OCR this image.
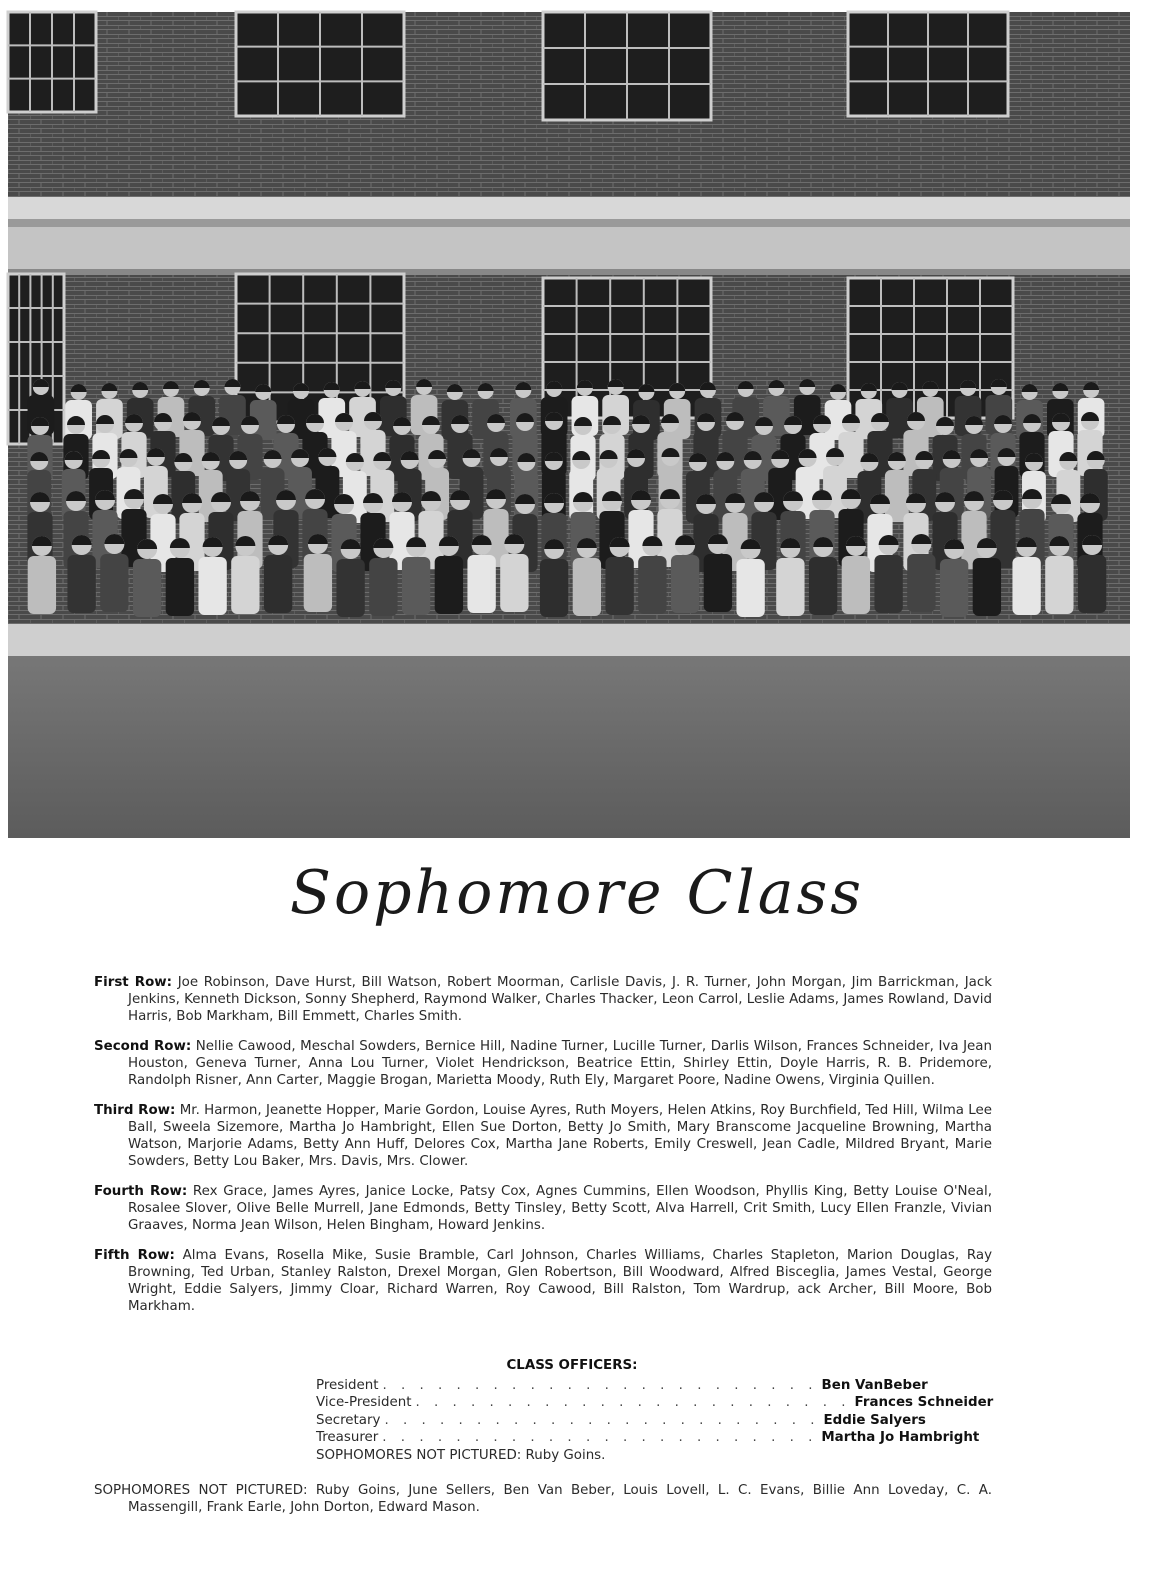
Sophomore Class
First Row: Joe Robinson, Dave Hurst, Bill Watson, Robert Moorman, Carlisle Davis, J. R. Turner, John Morgan, Jim Barrickman, Jack Jenkins, Kenneth Dickson, Sonny Shepherd, Raymond Walker, Charles Thacker, Leon Carrol, Leslie Adams, James Rowland, David Harris, Bob Markham, Bill Emmett, Charles Smith.
Second Row: Nellie Cawood, Meschal Sowders, Bernice Hill, Nadine Turner, Lucille Turner, Darlis Wilson, Frances Schneider, Iva Jean Houston, Geneva Turner, Anna Lou Turner, Violet Hendrickson, Beatrice Ettin, Shirley Ettin, Doyle Harris, R. B. Pridemore, Randolph Risner, Ann Carter, Maggie Brogan, Marietta Moody, Ruth Ely, Margaret Poore, Nadine Owens, Virginia Quillen.
Third Row: Mr. Harmon, Jeanette Hopper, Marie Gordon, Louise Ayres, Ruth Moyers, Helen Atkins, Roy Burchfield, Ted Hill, Wilma Lee Ball, Sweela Sizemore, Martha Jo Hambright, Ellen Sue Dorton, Betty Jo Smith, Mary Branscome Jacqueline Browning, Martha Watson, Marjorie Adams, Betty Ann Huff, Delores Cox, Martha Jane Roberts, Emily Creswell, Jean Cadle, Mildred Bryant, Marie Sowders, Betty Lou Baker, Mrs. Davis, Mrs. Clower.
Fourth Row: Rex Grace, James Ayres, Janice Locke, Patsy Cox, Agnes Cummins, Ellen Woodson, Phyllis King, Betty Louise O'Neal, Rosalee Slover, Olive Belle Murrell, Jane Edmonds, Betty Tinsley, Betty Scott, Alva Harrell, Crit Smith, Lucy Ellen Franzle, Vivian Graaves, Norma Jean Wilson, Helen Bingham, Howard Jenkins.
Fifth Row: Alma Evans, Rosella Mike, Susie Bramble, Carl Johnson, Charles Williams, Charles Stapleton, Marion Douglas, Ray Browning, Ted Urban, Stanley Ralston, Drexel Morgan, Glen Robertson, Bill Woodward, Alfred Bisceglia, James Vestal, George Wright, Eddie Salyers, Jimmy Cloar, Richard Warren, Roy Cawood, Bill Ralston, Tom Wardrup, ack Archer, Bill Moore, Bob Markham.
CLASS OFFICERS:
President . . . . . . . . . . . . . . . . . . . . . . . . Ben VanBeber
Vice-President . . . . . . . . . . . . . . . . . . . . . . . . Frances Schneider
Secretary . . . . . . . . . . . . . . . . . . . . . . . . Eddie Salyers
Treasurer . . . . . . . . . . . . . . . . . . . . . . . . Martha Jo Hambright
SOPHOMORES NOT PICTURED: Ruby Goins.
SOPHOMORES NOT PICTURED: Ruby Goins, June Sellers, Ben Van Beber, Louis Lovell, L. C. Evans, Billie Ann Loveday, C. A. Massengill, Frank Earle, John Dorton, Edward Mason.
